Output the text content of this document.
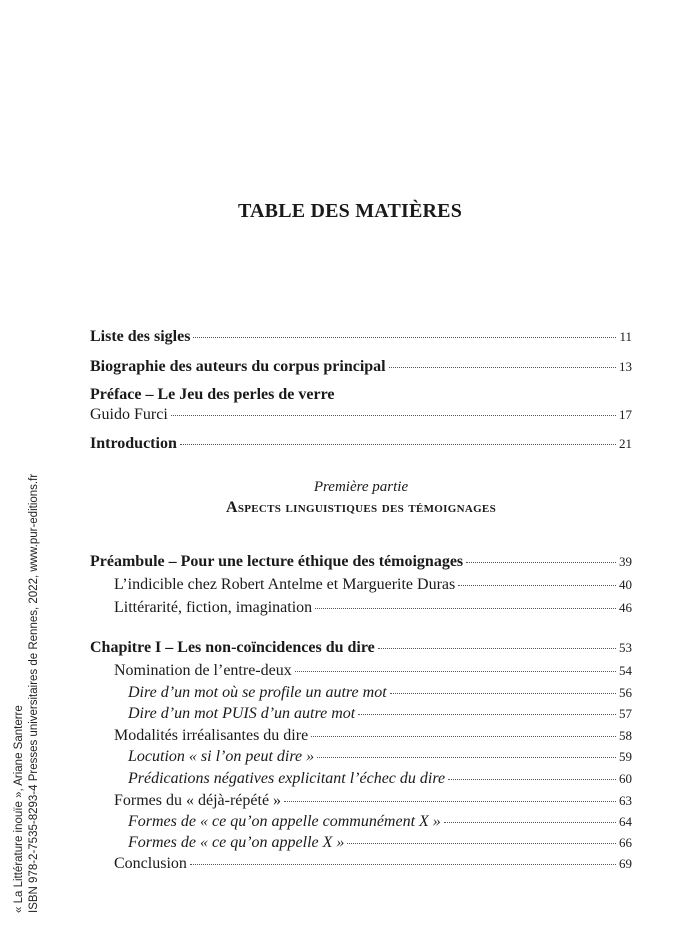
TABLE DES MATIÈRES
Liste des sigles	11
Biographie des auteurs du corpus principal	13
Préface – Le Jeu des perles de verre
Guido Furci	17
Introduction	21
Préambule – Pour une lecture éthique des témoignages	39
L’indicible chez Robert Antelme et Marguerite Duras	40
Littérarité, fiction, imagination	46
Chapitre I – Les non-coïncidences du dire	53
Nomination de l’entre-deux	54
Dire d’un mot où se profile un autre mot	56
Dire d’un mot PUIS d’un autre mot	57
Modalités irréalisantes du dire	58
Locution « si l’on peut dire »	59
Prédications négatives explicitant l’échec du dire	60
Formes du « déjà-répété »	63
Formes de « ce qu’on appelle communément X »	64
Formes de « ce qu’on appelle X »	66
Conclusion	69
Première partie
Aspects linguistiques des témoignages
« La Littérature inouïe », Ariane Santerre ISBN 978-2-7535-8293-4 Presses universitaires de Rennes, 2022, www.pur-editions.fr
